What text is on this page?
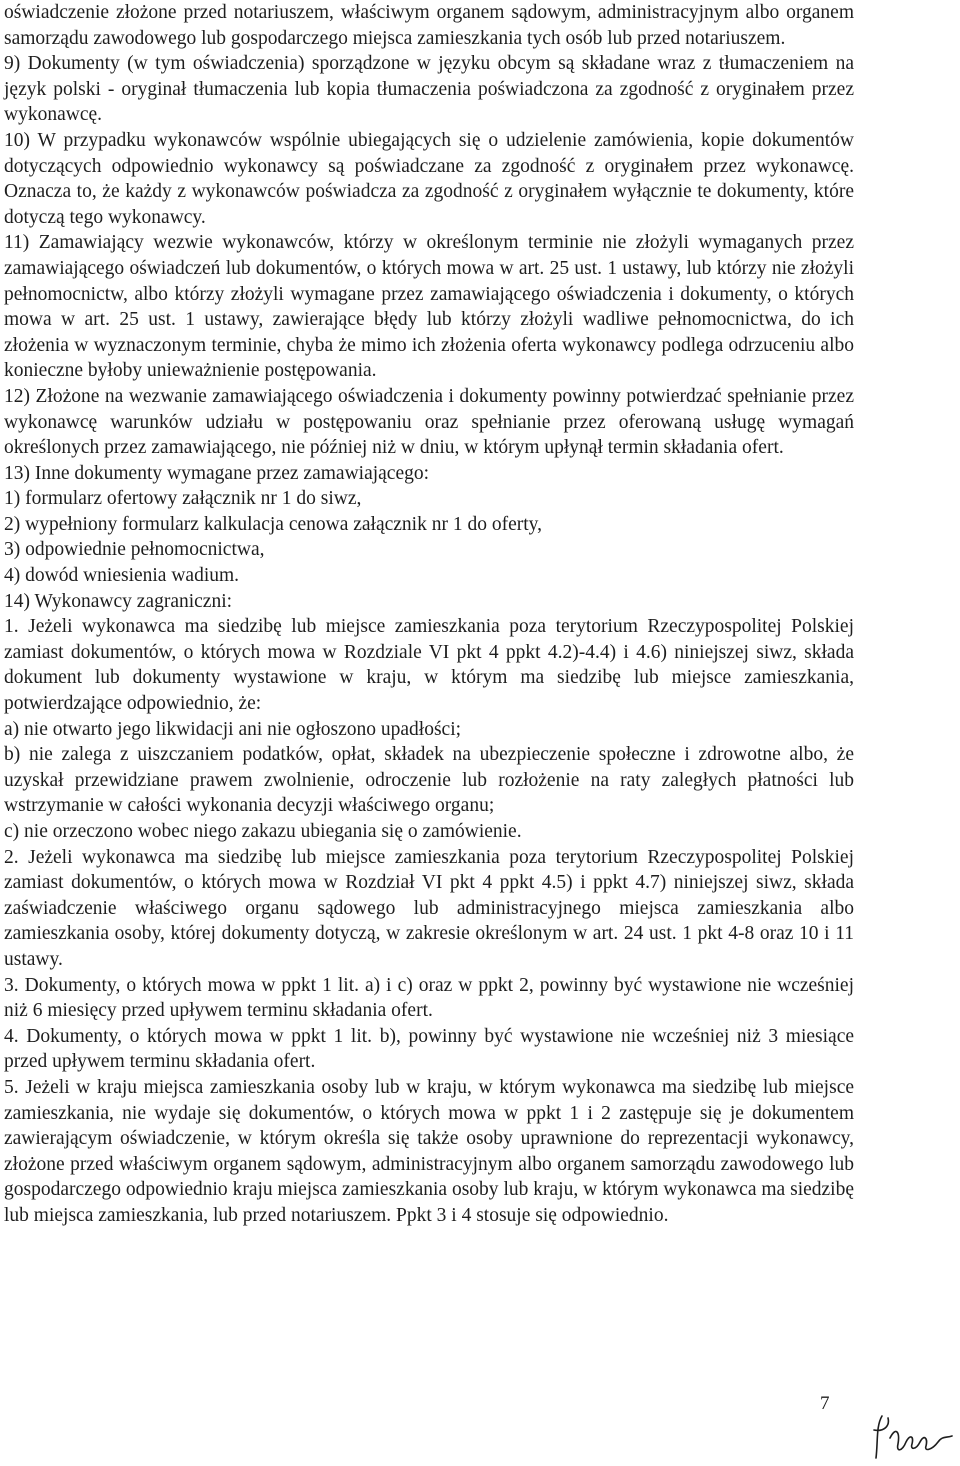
oświadczenie złożone przed notariuszem, właściwym organem sądowym, administracyjnym albo organem samorządu zawodowego lub gospodarczego miejsca zamieszkania tych osób lub przed notariuszem.

9) Dokumenty (w tym oświadczenia) sporządzone w języku obcym są składane wraz z tłumaczeniem na język polski - oryginał tłumaczenia lub kopia tłumaczenia poświadczona za zgodność z oryginałem przez wykonawcę.

10) W przypadku wykonawców wspólnie ubiegających się o udzielenie zamówienia, kopie dokumentów dotyczących odpowiednio wykonawcy są poświadczane za zgodność z oryginałem przez wykonawcę. Oznacza to, że każdy z wykonawców poświadcza za zgodność z oryginałem wyłącznie te dokumenty, które dotyczą tego wykonawcy.

11) Zamawiający wezwie wykonawców, którzy w określonym terminie nie złożyli wymaganych przez zamawiającego oświadczeń lub dokumentów, o których mowa w art. 25 ust. 1 ustawy, lub którzy nie złożyli pełnomocnictw, albo którzy złożyli wymagane przez zamawiającego oświadczenia i dokumenty, o których mowa w art. 25 ust. 1 ustawy, zawierające błędy lub którzy złożyli wadliwe pełnomocnictwa, do ich złożenia w wyznaczonym terminie, chyba że mimo ich złożenia oferta wykonawcy podlega odrzuceniu albo konieczne byłoby unieważnienie postępowania.

12) Złożone na wezwanie zamawiającego oświadczenia i dokumenty powinny potwierdzać spełnianie przez wykonawcę warunków udziału w postępowaniu oraz spełnianie przez oferowaną usługę wymagań określonych przez zamawiającego, nie później niż w dniu, w którym upłynął termin składania ofert.

13) Inne dokumenty wymagane przez zamawiającego:

1) formularz ofertowy załącznik nr 1 do siwz,

2) wypełniony formularz kalkulacja cenowa załącznik nr 1 do oferty,

3) odpowiednie pełnomocnictwa,

4) dowód wniesienia wadium.

14) Wykonawcy zagraniczni:

1. Jeżeli wykonawca ma siedzibę lub miejsce zamieszkania poza terytorium Rzeczypospolitej Polskiej zamiast dokumentów, o których mowa w Rozdziale VI pkt 4 ppkt 4.2)-4.4) i 4.6) niniejszej siwz, składa dokument lub dokumenty wystawione w kraju, w którym ma siedzibę lub miejsce zamieszkania, potwierdzające odpowiednio, że:

a) nie otwarto jego likwidacji ani nie ogłoszono upadłości;

b) nie zalega z uiszczaniem podatków, opłat, składek na ubezpieczenie społeczne i zdrowotne albo, że uzyskał przewidziane prawem zwolnienie, odroczenie lub rozłożenie na raty zaległych płatności lub wstrzymanie w całości wykonania decyzji właściwego organu;

c) nie orzeczono wobec niego zakazu ubiegania się o zamówienie.

2. Jeżeli wykonawca ma siedzibę lub miejsce zamieszkania poza terytorium Rzeczypospolitej Polskiej zamiast dokumentów, o których mowa w Rozdział VI pkt 4 ppkt 4.5) i ppkt 4.7) niniejszej siwz, składa zaświadczenie właściwego organu sądowego lub administracyjnego miejsca zamieszkania albo zamieszkania osoby, której dokumenty dotyczą, w zakresie określonym w art. 24 ust. 1 pkt 4-8 oraz 10 i 11 ustawy.

3. Dokumenty, o których mowa w ppkt 1 lit. a) i c) oraz w ppkt 2, powinny być wystawione nie wcześniej niż 6 miesięcy przed upływem terminu składania ofert.

4. Dokumenty, o których mowa w ppkt 1 lit. b), powinny być wystawione nie wcześniej niż 3 miesiące przed upływem terminu składania ofert.

5. Jeżeli w kraju miejsca zamieszkania osoby lub w kraju, w którym wykonawca ma siedzibę lub miejsce zamieszkania, nie wydaje się dokumentów, o których mowa w ppkt 1 i 2 zastępuje się je dokumentem zawierającym oświadczenie, w którym określa się także osoby uprawnione do reprezentacji wykonawcy, złożone przed właściwym organem sądowym, administracyjnym albo organem samorządu zawodowego lub gospodarczego odpowiednio kraju miejsca zamieszkania osoby lub kraju, w którym wykonawca ma siedzibę lub miejsca zamieszkania, lub przed notariuszem. Ppkt 3 i 4 stosuje się odpowiednio.

7
